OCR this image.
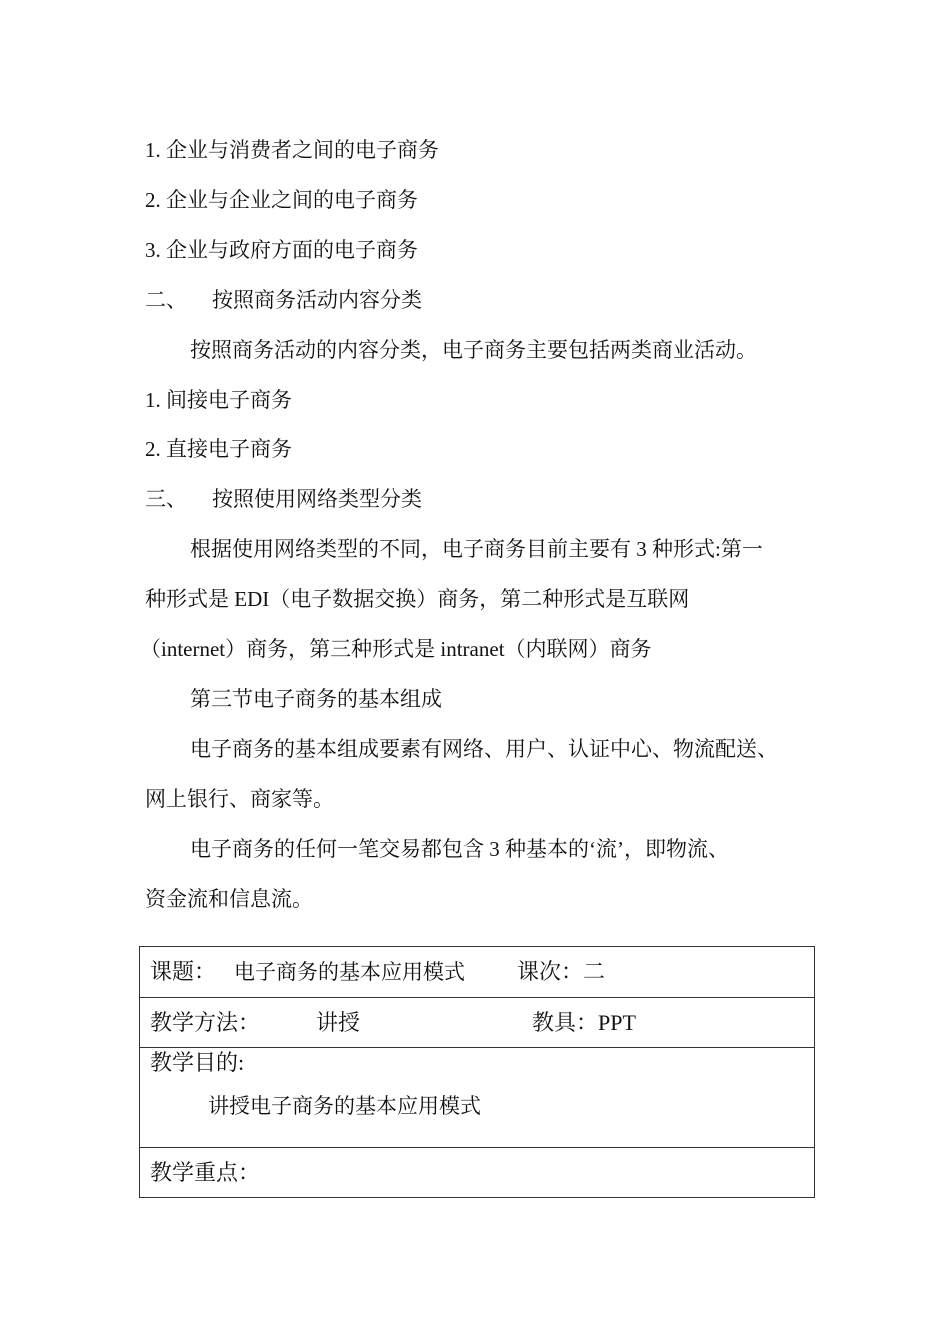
1. 企业与消费者之间的电子商务
2. 企业与企业之间的电子商务
3. 企业与政府方面的电子商务
二、 按照商务活动内容分类
按照商务活动的内容分类，电子商务主要包括两类商业活动。
1. 间接电子商务
2. 直接电子商务
三、 按照使用网络类型分类
根据使用网络类型的不同，电子商务目前主要有 3 种形式:第一
种形式是 EDI（电子数据交换）商务，第二种形式是互联网
（internet）商务，第三种形式是 intranet（内联网）商务
第三节电子商务的基本组成
电子商务的基本组成要素有网络、用户、认证中心、物流配送、
网上银行、商家等。
电子商务的任何一笔交易都包含 3 种基本的‘流’，即物流、
资金流和信息流。
课题： 电子商务的基本应用模式 课次：二
教学方法：	讲授	教具：PPT

教学目的:
讲授电子商务的基本应用模式

教学重点：
